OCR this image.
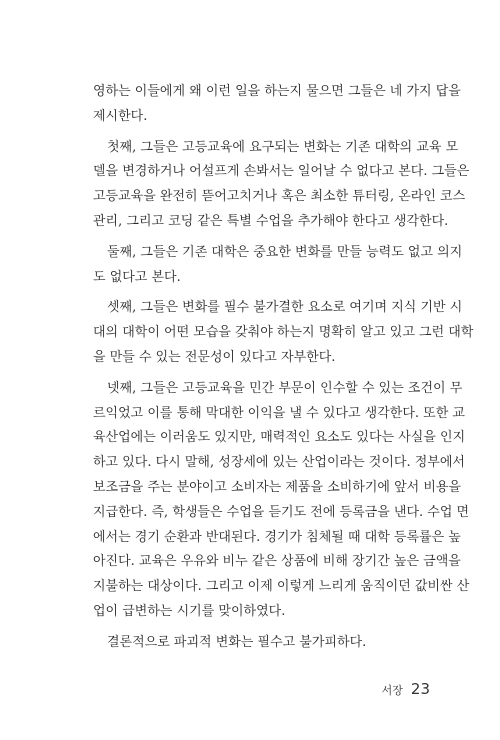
영하는 이들에게 왜 이런 일을 하는지 물으면 그들은 네 가지 답을
제시한다.

첫째, 그들은 고등교육에 요구되는 변화는 기존 대학의 교육 모
델을 변경하거나 어설프게 손봐서는 일어날 수 없다고 본다. 그들은
고등교육을 완전히 뜯어고치거나 혹은 최소한 튜터링, 온라인 코스
관리, 그리고 코딩 같은 특별 수업을 추가해야 한다고 생각한다.

둘째, 그들은 기존 대학은 중요한 변화를 만들 능력도 없고 의지
도 없다고 본다.

셋째, 그들은 변화를 필수 불가결한 요소로 여기며 지식 기반 시
대의 대학이 어떤 모습을 갖춰야 하는지 명확히 알고 있고 그런 대학
을 만들 수 있는 전문성이 있다고 자부한다.

넷째, 그들은 고등교육을 민간 부문이 인수할 수 있는 조건이 무
르익었고 이를 통해 막대한 이익을 낼 수 있다고 생각한다. 또한 교
육산업에는 이러움도 있지만, 매력적인 요소도 있다는 사실을 인지
하고 있다. 다시 말해, 성장세에 있는 산업이라는 것이다. 정부에서
보조금을 주는 분야이고 소비자는 제품을 소비하기에 앞서 비용을
지급한다. 즉, 학생들은 수업을 듣기도 전에 등록금을 낸다. 수업 면
에서는 경기 순환과 반대된다. 경기가 침체될 때 대학 등록률은 높
아진다. 교육은 우유와 비누 같은 상품에 비해 장기간 높은 금액을
지불하는 대상이다. 그리고 이제 이렇게 느리게 움직이던 값비싼 산
업이 급변하는 시기를 맞이하였다.

결론적으로 파괴적 변화는 필수고 불가피하다.

서장 23
